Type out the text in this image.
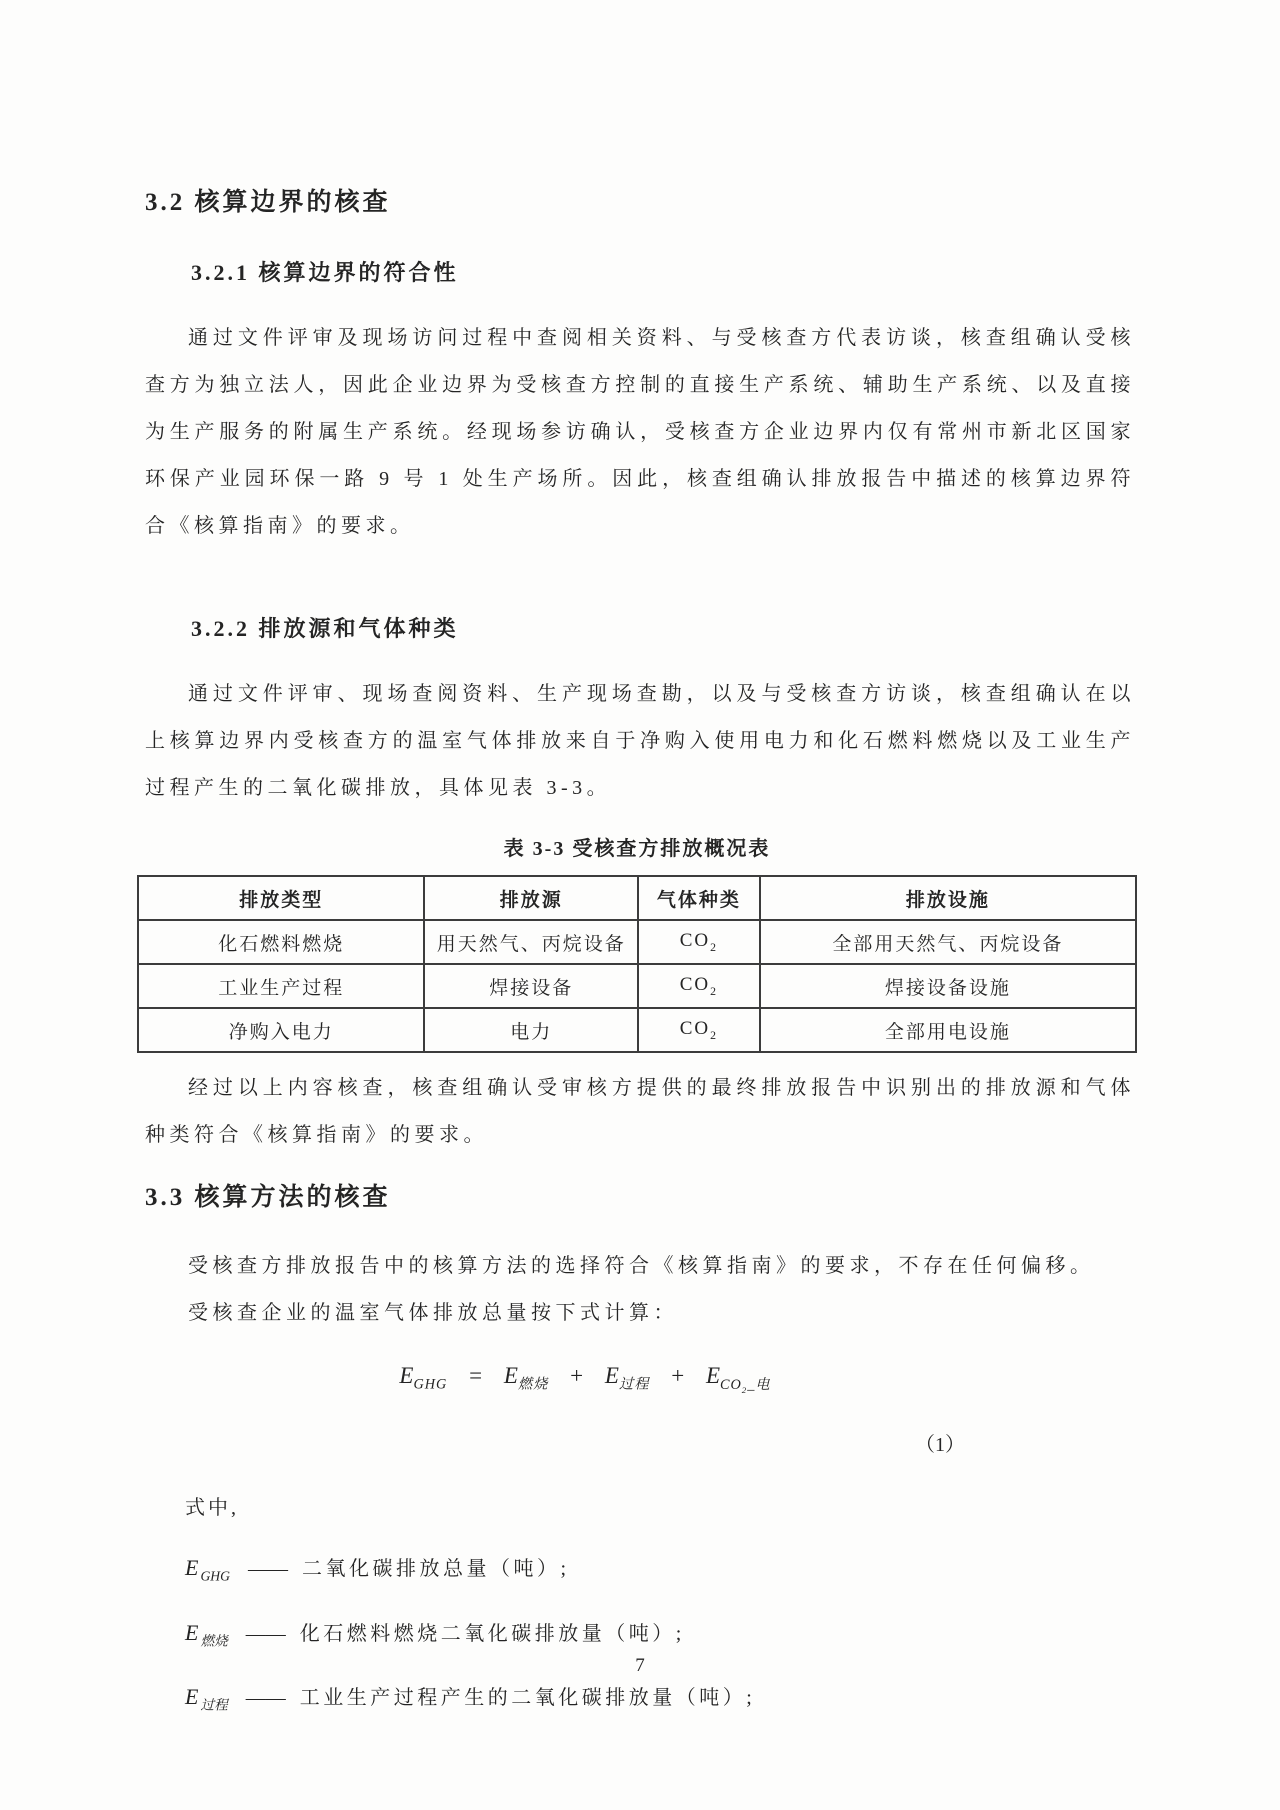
3.2 核算边界的核查
3.2.1 核算边界的符合性

通过文件评审及现场访问过程中查阅相关资料、与受核查方代表访谈，核查组确认受核查方为独立法人，因此企业边界为受核查方控制的直接生产系统、辅助生产系统、以及直接为生产服务的附属生产系统。经现场参访确认，受核查方企业边界内仅有常州市新北区国家环保产业园环保一路 9 号 1 处生产场所。因此，核查组确认排放报告中描述的核算边界符合《核算指南》的要求。

3.2.2 排放源和气体种类

通过文件评审、现场查阅资料、生产现场查勘，以及与受核查方访谈，核查组确认在以上核算边界内受核查方的温室气体排放来自于净购入使用电力和化石燃料燃烧以及工业生产过程产生的二氧化碳排放，具体见表 3-3。

表 3-3 受核查方排放概况表
排放类型	排放源	气体种类	排放设施
化石燃料燃烧	用天然气、丙烷设备	$CO_2$	全部用天然气、丙烷设备
工业生产过程	焊接设备	$CO_2$	焊接设备设施
净购入电力	电力	$CO_2$	全部用电设施

经过以上内容核查，核查组确认受审核方提供的最终排放报告中识别出的排放源和气体种类符合《核算指南》的要求。

3.3 核算方法的核查

受核查方排放报告中的核算方法的选择符合《核算指南》的要求，不存在任何偏移。

受核查企业的温室气体排放总量按下式计算：

$E_{GHG} = E_{燃烧} + E_{过程} + E_{CO_2\_电}$
（1）
式中,
$E_{GHG}$ —— 二氧化碳排放总量（吨）;
$E_{燃烧}$ —— 化石燃料燃烧二氧化碳排放量（吨）;
$E_{过程}$ —— 工业生产过程产生的二氧化碳排放量（吨）;
7
